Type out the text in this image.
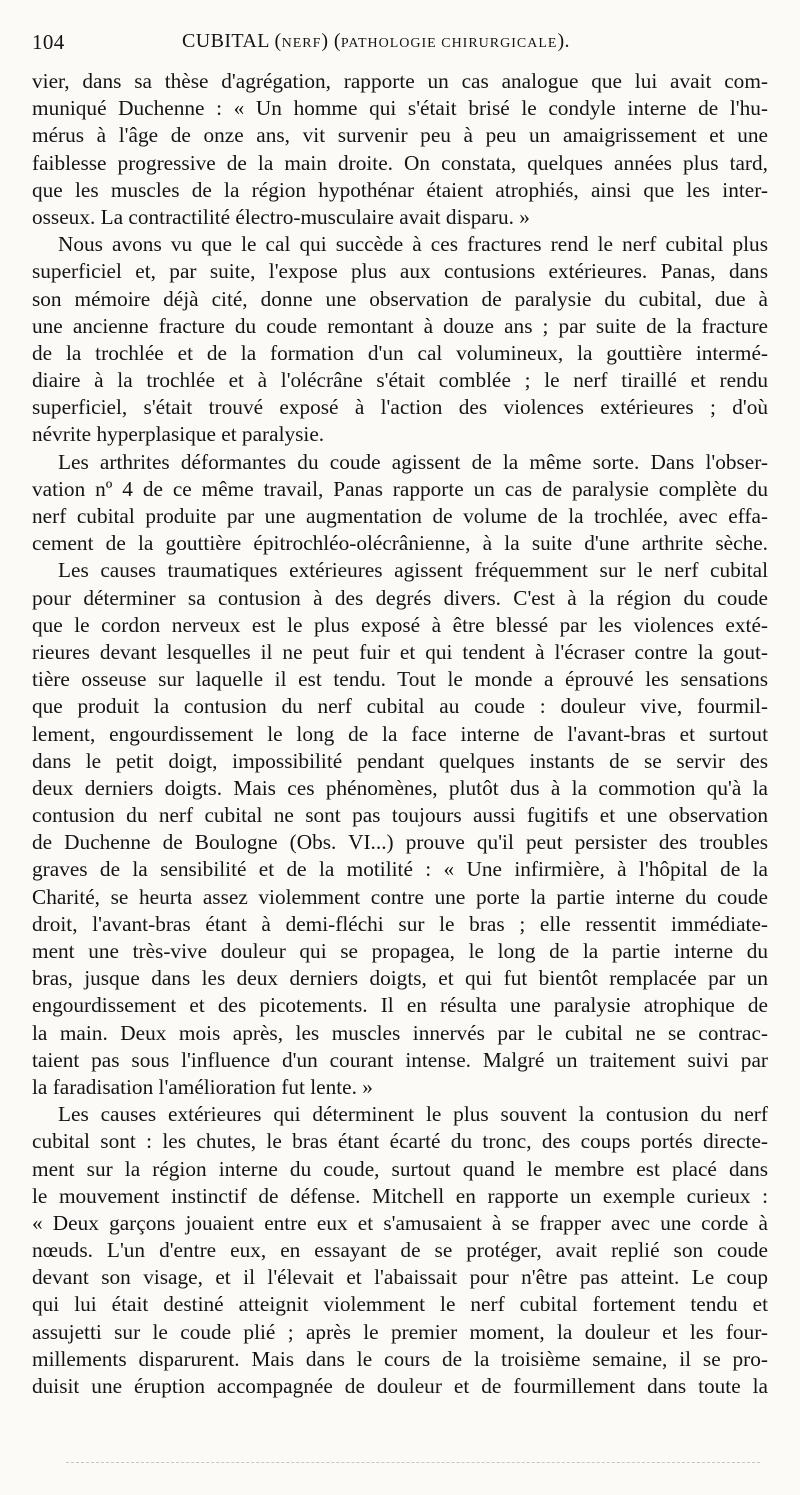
104	CUBITAL (NERF) (PATHOLOGIE CHIRURGICALE).
vier, dans sa thèse d'agrégation, rapporte un cas analogue que lui avait com-
muniqué Duchenne : « Un homme qui s'était brisé le condyle interne de l'hu-
mérus à l'âge de onze ans, vit survenir peu à peu un amaigrissement et une
faiblesse progressive de la main droite. On constata, quelques années plus tard,
que les muscles de la région hypothénar étaient atrophiés, ainsi que les inter-
osseux. La contractilité électro-musculaire avait disparu. »
Nous avons vu que le cal qui succède à ces fractures rend le nerf cubital plus
superficiel et, par suite, l'expose plus aux contusions extérieures. Panas, dans
son mémoire déjà cité, donne une observation de paralysie du cubital, due à
une ancienne fracture du coude remontant à douze ans ; par suite de la fracture
de la trochlée et de la formation d'un cal volumineux, la gouttière intermé-
diaire à la trochlée et à l'olécrâne s'était comblée ; le nerf tiraillé et rendu
superficiel, s'était trouvé exposé à l'action des violences extérieures ; d'où
névrite hyperplasique et paralysie.
Les arthrites déformantes du coude agissent de la même sorte. Dans l'obser-
vation nº 4 de ce même travail, Panas rapporte un cas de paralysie complète du
nerf cubital produite par une augmentation de volume de la trochlée, avec effa-
cement de la gouttière épitrochléo-olécrânienne, à la suite d'une arthrite sèche.
Les causes traumatiques extérieures agissent fréquemment sur le nerf cubital
pour déterminer sa contusion à des degrés divers. C'est à la région du coude
que le cordon nerveux est le plus exposé à être blessé par les violences exté-
rieures devant lesquelles il ne peut fuir et qui tendent à l'écraser contre la gout-
tière osseuse sur laquelle il est tendu. Tout le monde a éprouvé les sensations
que produit la contusion du nerf cubital au coude : douleur vive, fourmil-
lement, engourdissement le long de la face interne de l'avant-bras et surtout
dans le petit doigt, impossibilité pendant quelques instants de se servir des
deux derniers doigts. Mais ces phénomènes, plutôt dus à la commotion qu'à la
contusion du nerf cubital ne sont pas toujours aussi fugitifs et une observation
de Duchenne de Boulogne (Obs. VI...) prouve qu'il peut persister des troubles
graves de la sensibilité et de la motilité : « Une infirmière, à l'hôpital de la
Charité, se heurta assez violemment contre une porte la partie interne du coude
droit, l'avant-bras étant à demi-fléchi sur le bras ; elle ressentit immédiate-
ment une très-vive douleur qui se propagea, le long de la partie interne du
bras, jusque dans les deux derniers doigts, et qui fut bientôt remplacée par un
engourdissement et des picotements. Il en résulta une paralysie atrophique de
la main. Deux mois après, les muscles innervés par le cubital ne se contrac-
taient pas sous l'influence d'un courant intense. Malgré un traitement suivi par
la faradisation l'amélioration fut lente. »
Les causes extérieures qui déterminent le plus souvent la contusion du nerf
cubital sont : les chutes, le bras étant écarté du tronc, des coups portés directe-
ment sur la région interne du coude, surtout quand le membre est placé dans
le mouvement instinctif de défense. Mitchell en rapporte un exemple curieux :
« Deux garçons jouaient entre eux et s'amusaient à se frapper avec une corde à
nœuds. L'un d'entre eux, en essayant de se protéger, avait replié son coude
devant son visage, et il l'élevait et l'abaissait pour n'être pas atteint. Le coup
qui lui était destiné atteignit violemment le nerf cubital fortement tendu et
assujetti sur le coude plié ; après le premier moment, la douleur et les four-
millements disparurent. Mais dans le cours de la troisième semaine, il se pro-
duisit une éruption accompagnée de douleur et de fourmillement dans toute la
